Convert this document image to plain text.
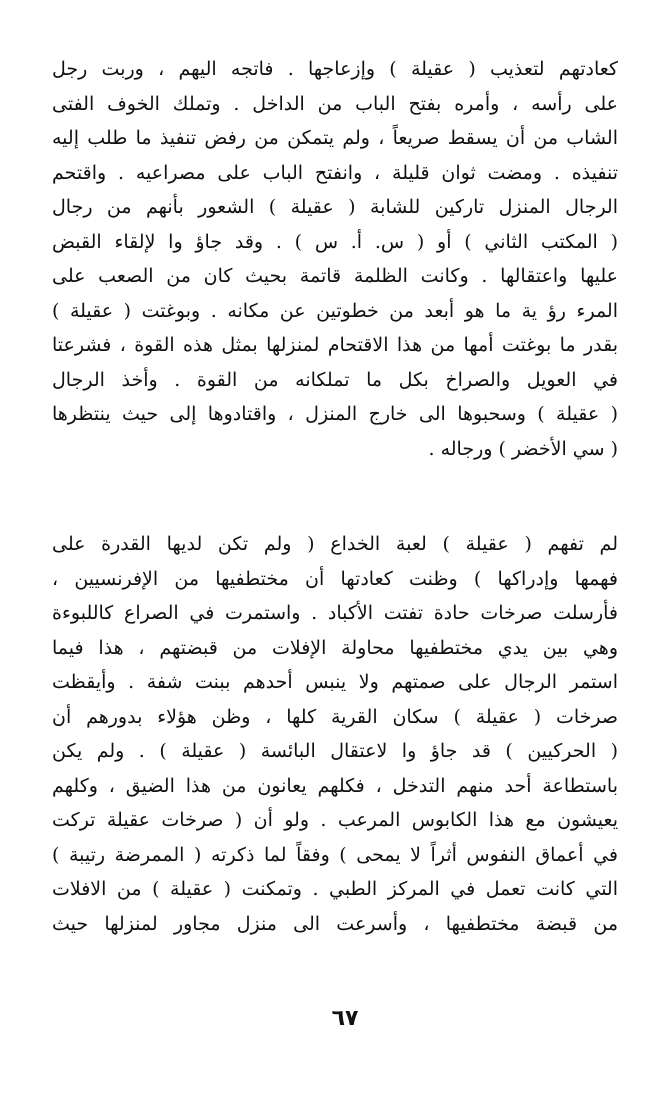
كعادتهم لتعذيب ( عقيلة ) وإزعاجها . فاتجه اليهم ، وربت رجل
على رأسه ، وأمره بفتح الباب من الداخل . وتملك الخوف الفتى
الشاب من أن يسقط صريعاً ، ولم يتمكن من رفض تنفيذ ما طلب إليه
تنفيذه . ومضت ثوان قليلة ، وانفتح الباب على مصراعيه . واقتحم
الرجال المنزل تاركين للشابة ( عقيلة ) الشعور بأنهم من رجال
( المكتب الثاني ) أو ( س. أ. س ) . وقد جاؤ وا لإلقاء القبض
عليها واعتقالها . وكانت الظلمة قاتمة بحيث كان من الصعب على
المرء رؤ ية ما هو أبعد من خطوتين عن مكانه . وبوغتت ( عقيلة )
بقدر ما بوغتت أمها من هذا الاقتحام لمنزلها بمثل هذه القوة ، فشرعتا
في العويل والصراخ بكل ما تملكانه من القوة . وأخذ الرجال
( عقيلة ) وسحبوها الى خارج المنزل ، واقتادوها إلى حيث ينتظرها
( سي الأخضر ) ورجاله .
لم تفهم ( عقيلة ) لعبة الخداع ( ولم تكن لديها القدرة على
فهمها وإدراكها ) وظنت كعادتها أن مختطفيها من الإفرنسيين ،
فأرسلت صرخات حادة تفتت الأكباد . واستمرت في الصراع كاللبوءة
وهي بين يدي مختطفيها محاولة الإفلات من قبضتهم ، هذا فيما
استمر الرجال على صمتهم ولا ينبس أحدهم ببنت شفة . وأيقظت
صرخات ( عقيلة ) سكان القرية كلها ، وظن هؤلاء بدورهم أن
( الحركيين ) قد جاؤ وا لاعتقال البائسة ( عقيلة ) . ولم يكن
باستطاعة أحد منهم التدخل ، فكلهم يعانون من هذا الضيق ، وكلهم
يعيشون مع هذا الكابوس المرعب . ولو أن ( صرخات عقيلة تركت
في أعماق النفوس أثراً لا يمحى ) وفقاً لما ذكرته ( الممرضة رتيبة )
التي كانت تعمل في المركز الطبي . وتمكنت ( عقيلة ) من الافلات
من قبضة مختطفيها ، وأسرعت الى منزل مجاور لمنزلها حيث
٦٧
